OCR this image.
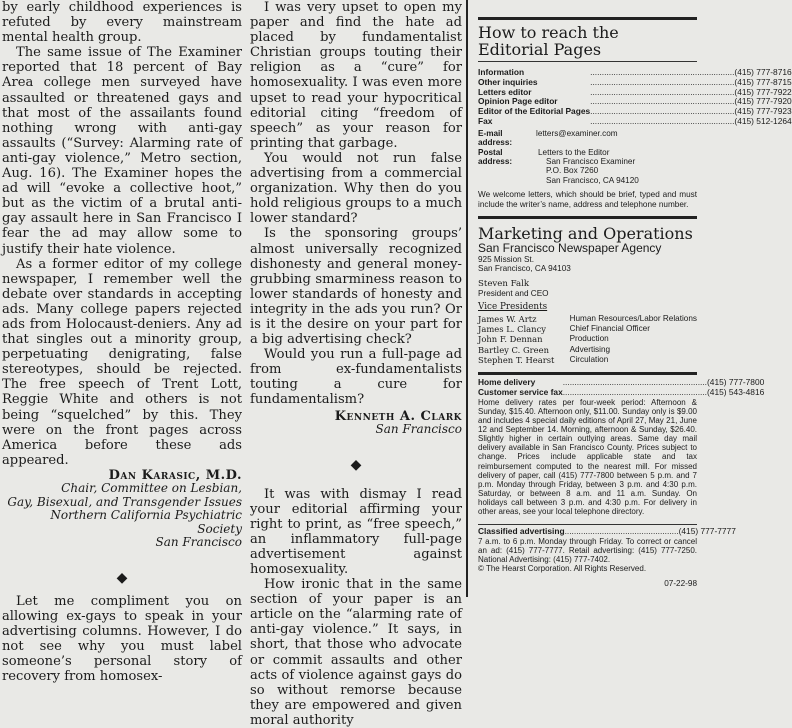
by early childhood experiences is refuted by every mainstream mental health group.

The same issue of The Examiner reported that 18 percent of Bay Area college men surveyed have assaulted or threatened gays and that most of the assailants found nothing wrong with anti-gay assaults (“Survey: Alarming rate of anti-gay violence,” Metro section, Aug. 16). The Examiner hopes the ad will “evoke a collective hoot,” but as the victim of a brutal anti-gay assault here in San Francisco I fear the ad may allow some to justify their hate violence.

As a former editor of my college newspaper, I remember well the debate over standards in accepting ads. Many college papers rejected ads from Holocaust-deniers. Any ad that singles out a minority group, perpetuating denigrating, false stereotypes, should be rejected. The free speech of Trent Lott, Reggie White and others is not being “squelched” by this. They were on the front pages across America before these ads appeared.

Dan Karasic, M.D.
Chair, Committee on Lesbian,
Gay, Bisexual, and Transgender Issues
Northern California Psychiatric Society
San Francisco
◆

Let me compliment you on allowing ex-gays to speak in your advertising columns. However, I do not see why you must label someone’s personal story of recovery from homosex-

I was very upset to open my paper and find the hate ad placed by fundamentalist Christian groups touting their religion as a “cure” for homosexuality. I was even more upset to read your hypocritical editorial citing “freedom of speech” as your reason for printing that garbage.

You would not run false advertising from a commercial organization. Why then do you hold religious groups to a much lower standard?

Is the sponsoring groups’ almost universally recognized dishonesty and general money-grubbing smarminess reason to lower standards of honesty and integrity in the ads you run? Or is it the desire on your part for a big advertising check?

Would you run a full-page ad from ex-fundamentalists touting a cure for fundamentalism?

Kenneth A. Clark
San Francisco
◆

It was with dismay I read your editorial affirming your right to print, as “free speech,” an inflammatory full-page advertisement against homosexuality.

How ironic that in the same section of your paper is an article on the “alarming rate of anti-gay violence.” It says, in short, that those who advocate or commit assaults and other acts of violence against gays do so without remorse because they are empowered and given moral authority

How to reach the

Editorial Pages

Information	..............................................................	(415) 777-8716
Other inquiries	..............................................................	(415) 777-8715
Letters editor	..............................................................	(415) 777-7922
Opinion Page editor	..............................................................	(415) 777-7920
Editor of the Editorial Pages	..............................................................	(415) 777-7923
Fax	..............................................................	(415) 512-1264
E-mail address:
letters@examiner.com
Postal address:
Letters to the Editor
San Francisco Examiner
P.O. Box 7260
San Francisco, CA 94120

We welcome letters, which should be brief, typed and must include the writer’s name, address and telephone number.

Marketing and Operations

San Francisco Newspaper Agency

925 Mission St.

San Francisco, CA 94103

Steven Falk

President and CEO

Vice Presidents

James W. Artz	Human Resources/Labor Relations
James L. Clancy	Chief Financial Officer
John F. Dennan	Production
Bartley C. Green	Advertising
Stephen T. Hearst	Circulation
Home delivery	..............................................................	(415) 777-7800
Customer service fax	..............................................................	(415) 543-4816

Home delivery rates per four-week period: Afternoon & Sunday, $15.40. Afternoon only, $11.00. Sunday only is $9.00 and includes 4 special daily editions of April 27, May 21, June 12 and September 14. Morning, afternoon & Sunday, $26.40. Slightly higher in certain outlying areas. Same day mail delivery available in San Francisco County. Prices subject to change. Prices include applicable state and tax reimbursement computed to the nearest mill. For missed delivery of paper, call (415) 777-7800 between 5 p.m. and 7 p.m. Monday through Friday, between 3 p.m. and 4:30 p.m. Saturday, or between 8 a.m. and 11 a.m. Sunday. On holidays call between 3 p.m. and 4:30 p.m. For delivery in other areas, see your local telephone directory.

Classified advertising	.................................................	(415) 777-7777

7 a.m. to 6 p.m. Monday through Friday. To correct or cancel an ad: (415) 777-7777. Retail advertising: (415) 777-7250. National Advertising: (415) 777-7402.

© The Hearst Corporation. All Rights Reserved.

07-22-98
